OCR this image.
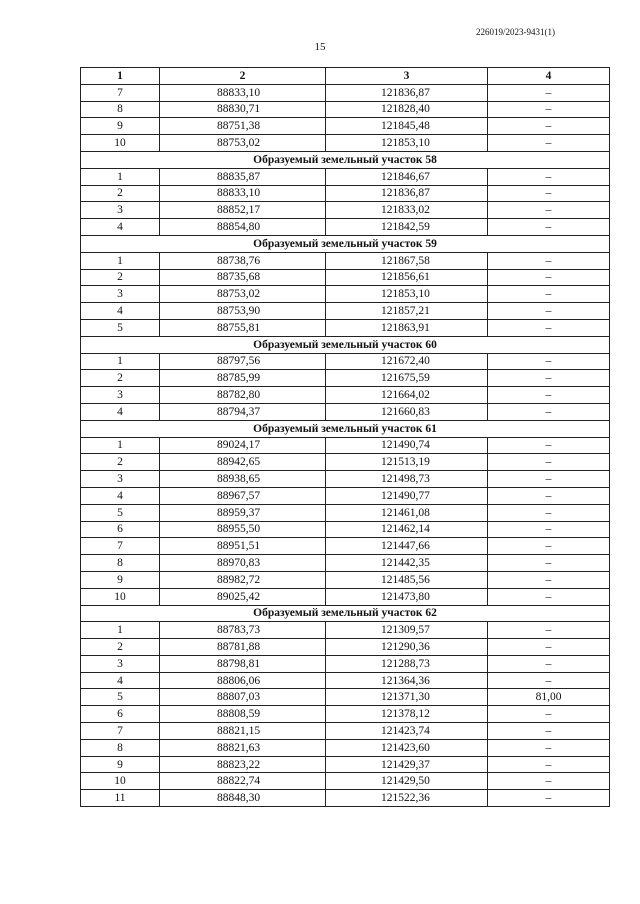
226019/2023-9431(1)
15
1	2	3	4
7	88833,10	121836,87	–
8	88830,71	121828,40	–
9	88751,38	121845,48	–
10	88753,02	121853,10	–
Образуемый земельный участок 58			
1	88835,87	121846,67	–
2	88833,10	121836,87	–
3	88852,17	121833,02	–
4	88854,80	121842,59	–
Образуемый земельный участок 59			
1	88738,76	121867,58	–
2	88735,68	121856,61	–
3	88753,02	121853,10	–
4	88753,90	121857,21	–
5	88755,81	121863,91	–
Образуемый земельный участок 60			
1	88797,56	121672,40	–
2	88785,99	121675,59	–
3	88782,80	121664,02	–
4	88794,37	121660,83	–
Образуемый земельный участок 61			
1	89024,17	121490,74	–
2	88942,65	121513,19	–
3	88938,65	121498,73	–
4	88967,57	121490,77	–
5	88959,37	121461,08	–
6	88955,50	121462,14	–
7	88951,51	121447,66	–
8	88970,83	121442,35	–
9	88982,72	121485,56	–
10	89025,42	121473,80	–
Образуемый земельный участок 62			
1	88783,73	121309,57	–
2	88781,88	121290,36	–
3	88798,81	121288,73	–
4	88806,06	121364,36	–
5	88807,03	121371,30	81,00
6	88808,59	121378,12	–
7	88821,15	121423,74	–
8	88821,63	121423,60	–
9	88823,22	121429,37	–
10	88822,74	121429,50	–
11	88848,30	121522,36	–
